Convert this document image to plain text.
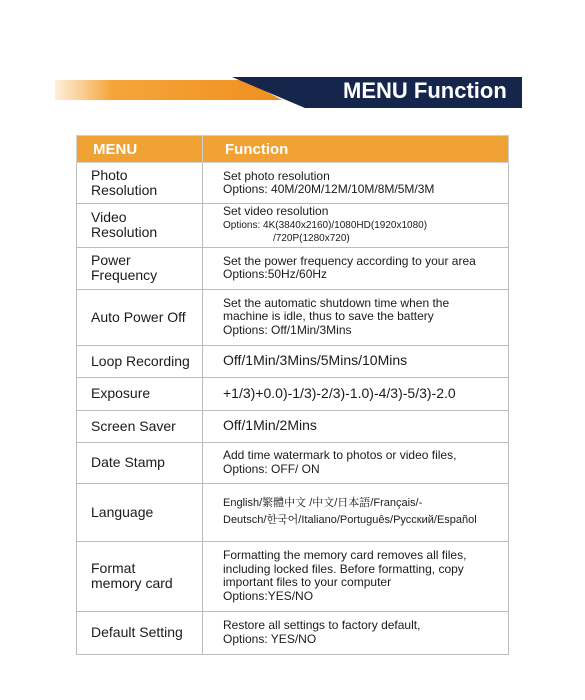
MENU Function
MENU	Function

Photo
Resolution	Set photo resolution
Options: 40M/20M/12M/10M/8M/5M/3M

Video
Resolution	Set video resolution
Options: 4K(3840x2160)/1080HD(1920x1080)
/720P(1280x720)

Power
Frequency	Set the power frequency according to your area
Options:50Hz/60Hz

Auto Power Off	Set the automatic shutdown time when the
machine is idle, thus to save the battery
Options: Off/1Min/3Mins

Loop Recording	Off/1Min/3Mins/5Mins/10Mins

Exposure	+1/3)+0.0)-1/3)-2/3)-1.0)-4/3)-5/3)-2.0

Screen Saver	Off/1Min/2Mins

Date Stamp	Add time watermark to photos or video files,
Options: OFF/ ON

Language	English/繁體中文 /中文/日本語/Français/-
Deutsch/한국어/Italiano/Português/Русский/Español

Format
memory card	Formatting the memory card removes all files,
including locked files. Before formatting, copy
important files to your computer
Options:YES/NO

Default Setting	Restore all settings to factory default,
Options: YES/NO
